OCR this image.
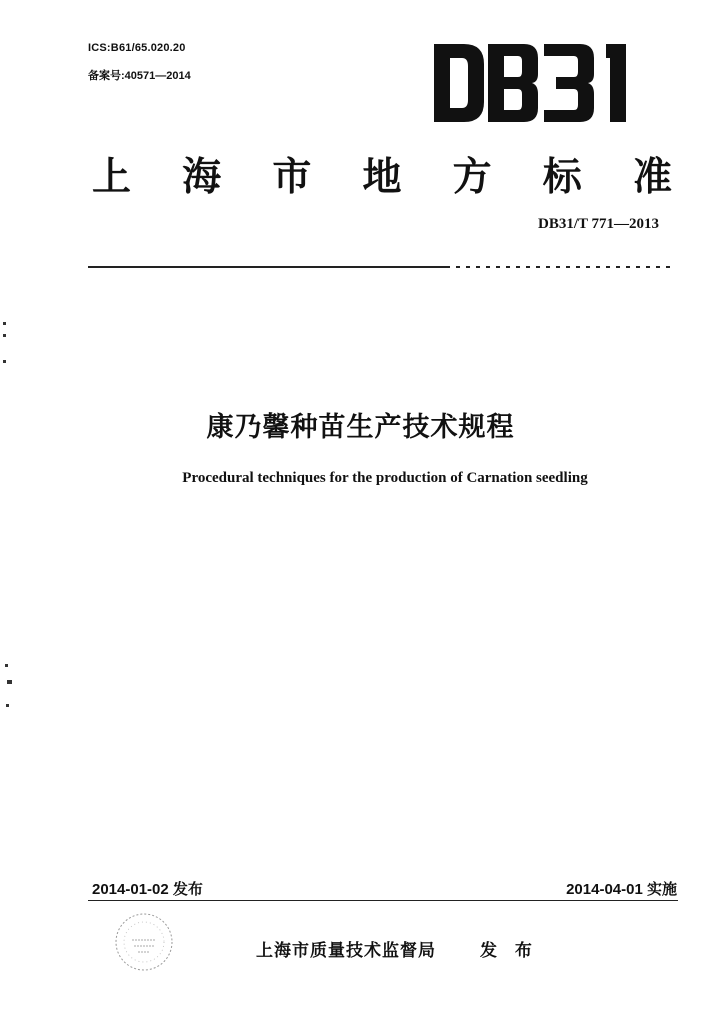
ICS:B61/65.020.20
备案号:40571—2014
上 海 市 地 方 标 准
DB31/T 771—2013
康乃馨种苗生产技术规程
Procedural techniques for the production of Carnation seedling
2014-01-02 发布	2014-04-01 实施
上海市质量技术监督局	发 布
